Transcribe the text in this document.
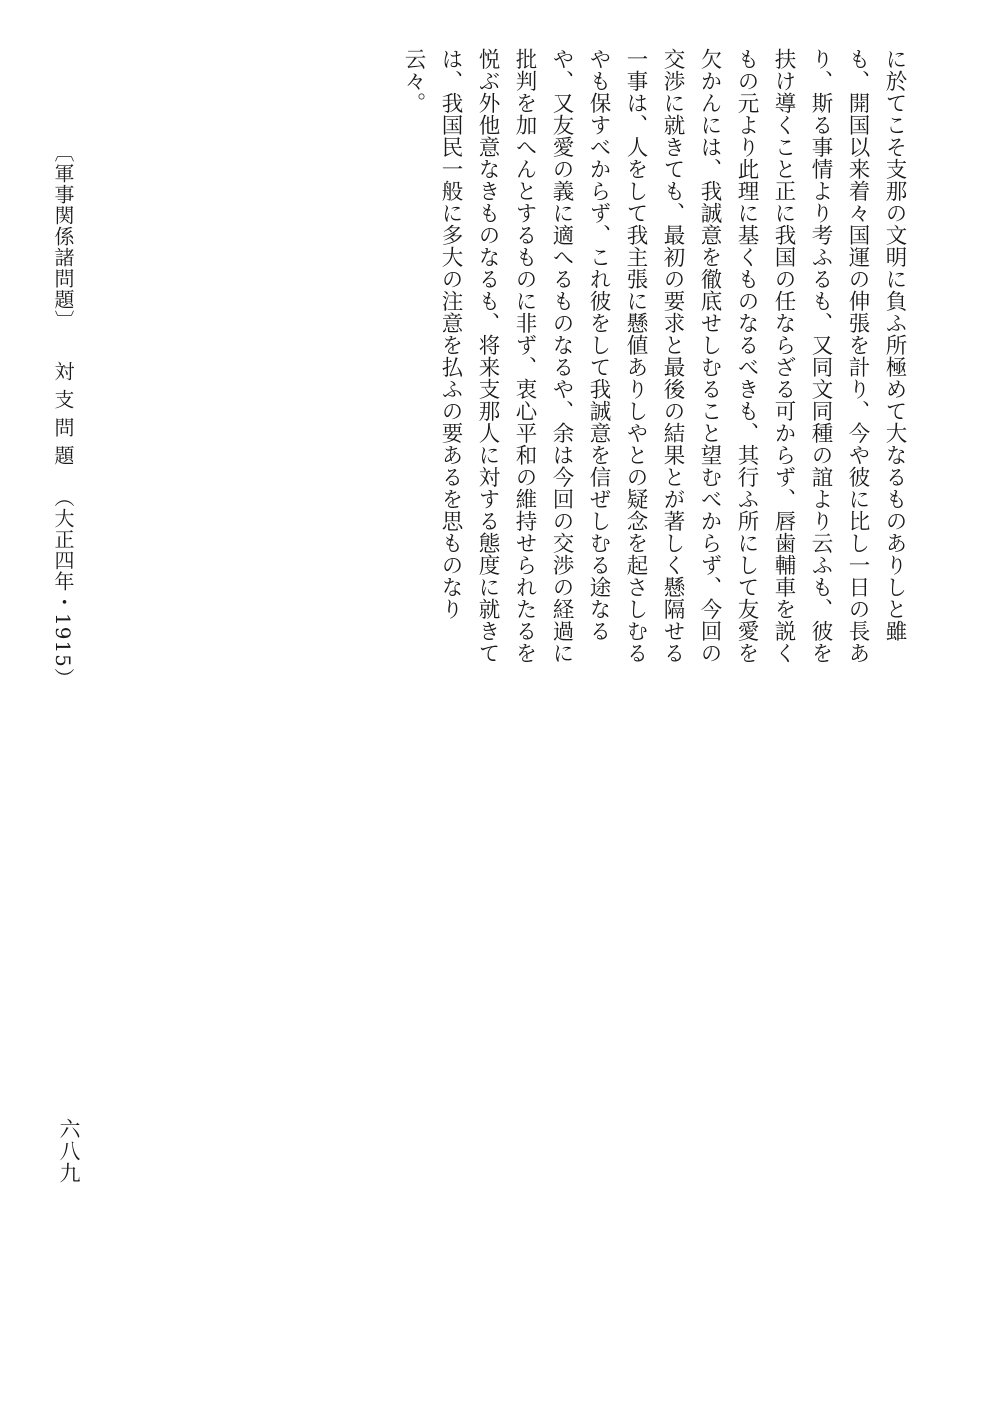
に於てこそ支那の文明に負ふ所極めて大なるものありしと雖も、開国以来着々国運の伸張を計り、今や彼に比し一日の長あり、斯る事情より考ふるも、又同文同種の誼より云ふも、彼を扶け導くこと正に我国の任ならざる可からず、唇歯輔車を説くもの元より此理に基くものなるべきも、其行ふ所にして友愛を欠かんには、我誠意を徹底せしむること望むべからず、今回の交渉に就きても、最初の要求と最後の結果とが著しく懸隔せる一事は、人をして我主張に懸値ありしやとの疑念を起さしむるやも保すべからず、これ彼をして我誠意を信ぜしむる途なるや、又友愛の義に適へるものなるや、余は今回の交渉の経過に批判を加へんとするものに非ず、衷心平和の維持せられたるを悦ぶ外他意なきものなるも、将来支那人に対する態度に就きては、我国民一般に多大の注意を払ふの要あるを思ものなり云々。

〔軍事関係諸問題〕対支問題（大正四年・1915）
六八九
